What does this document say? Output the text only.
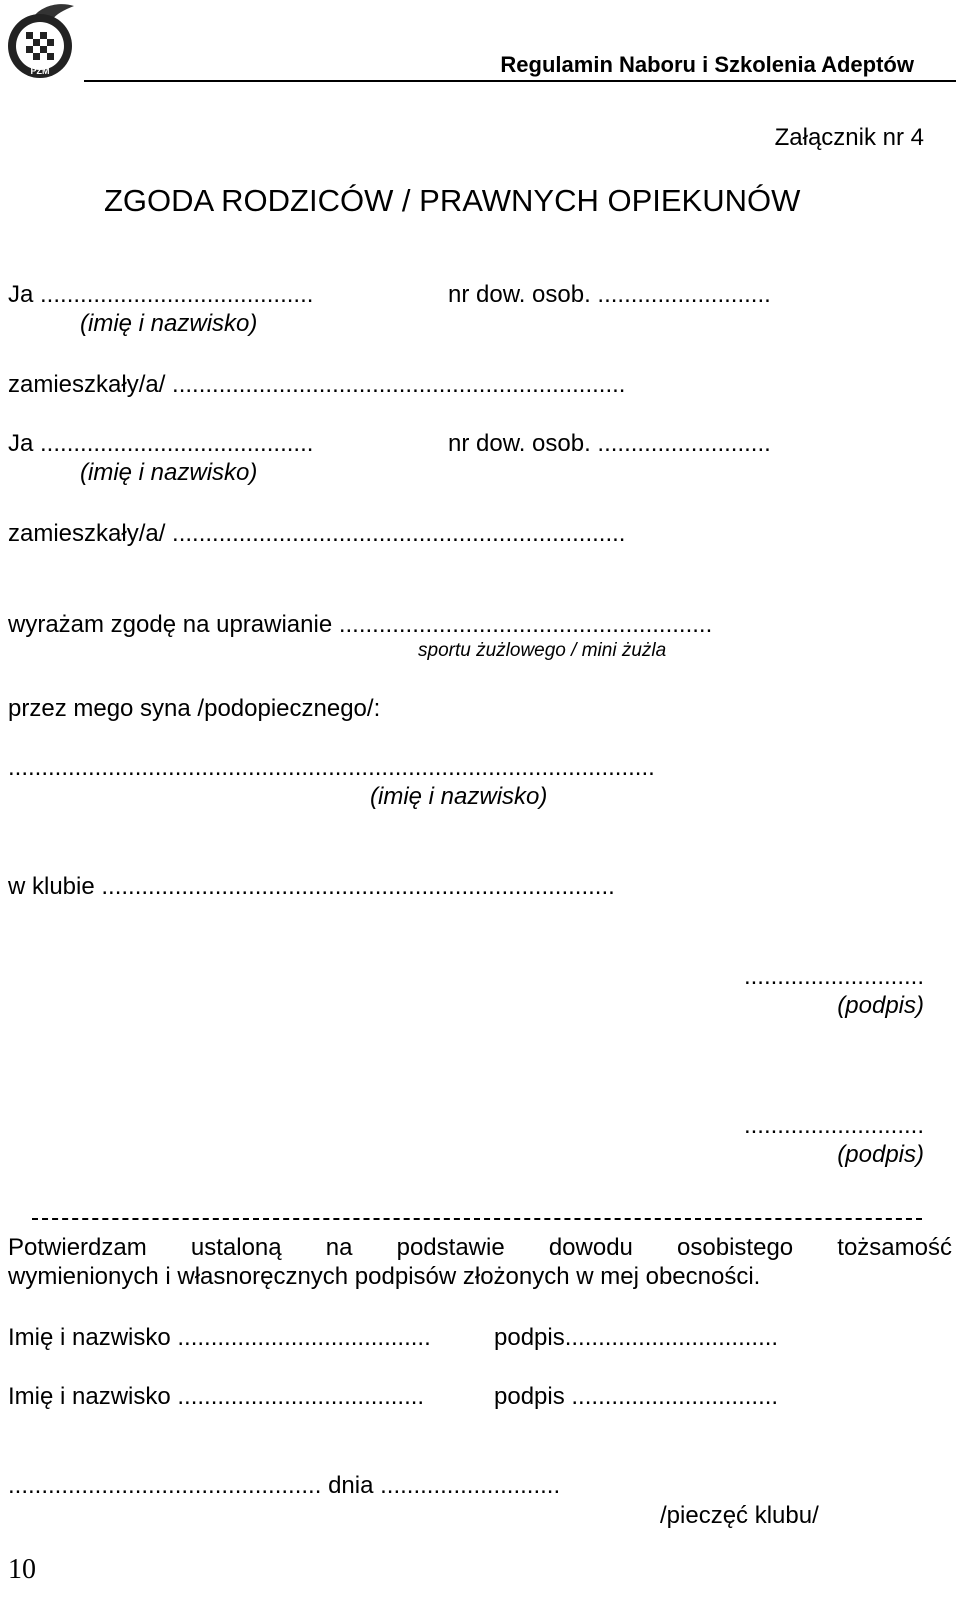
PZM	Regulamin Naboru i Szkolenia Adeptów
Załącznik nr 4
ZGODA RODZICÓW / PRAWNYCH OPIEKUNÓW
Ja .........................................	nr dow. osob. ..........................
(imię i nazwisko)
zamieszkały/a/ ....................................................................
Ja .........................................	nr dow. osob. ..........................
(imię i nazwisko)
zamieszkały/a/ ....................................................................
wyrażam zgodę na uprawianie ........................................................
sportu żużlowego / mini żużla
przez mego syna /podopiecznego/:
.................................................................................................
(imię i nazwisko)
w klubie .............................................................................
...........................
(podpis)
...........................
(podpis)
Potwierdzam ustaloną na podstawie dowodu osobistego tożsamość
wymienionych i własnoręcznych podpisów złożonych w mej obecności.
Imię i nazwisko ......................................	podpis................................
Imię i nazwisko .....................................	podpis ...............................
............................................... dnia ...........................
/pieczęć klubu/
10
